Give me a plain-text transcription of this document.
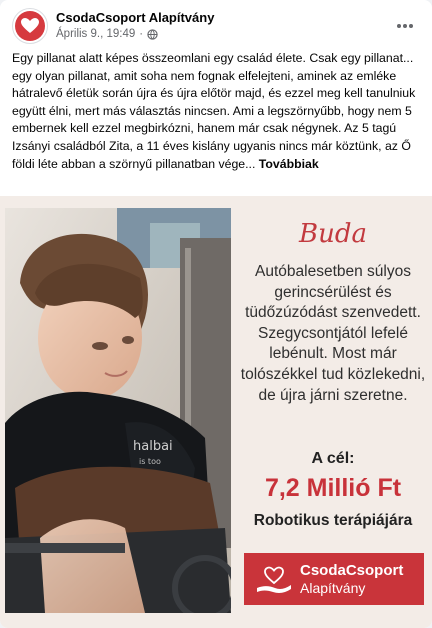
CsodaCsoport Alapítvány
Április 9., 19:49 ·
Egy pillanat alatt képes összeomlani egy család élete. Csak egy pillanat... egy olyan pillanat, amit soha nem fognak elfelejteni, aminek az emléke hátralevő életük során újra és újra előtör majd, és ezzel meg kell tanulniuk együtt élni, mert más választás nincsen. Ami a legszörnyűbb, hogy nem 5 embernek kell ezzel megbirkózni, hanem már csak négynek. Az 5 tagú Izsányi családból Zita, a 11 éves kislány ugyanis nincs már köztünk, az Ő földi léte abban a szörnyű pillanatban vége... Továbbiak
halbai
is too
Buda
Autóbalesetben súlyos gerincsérülést és tüdőzúzódást szenvedett. Szegycsontjától lefelé lebénult. Most már tolószékkel tud közlekedni, de újra járni szeretne.
A cél:
7,2 Millió Ft
Robotikus terápiájára
CsodaCsoport
Alapítvány
